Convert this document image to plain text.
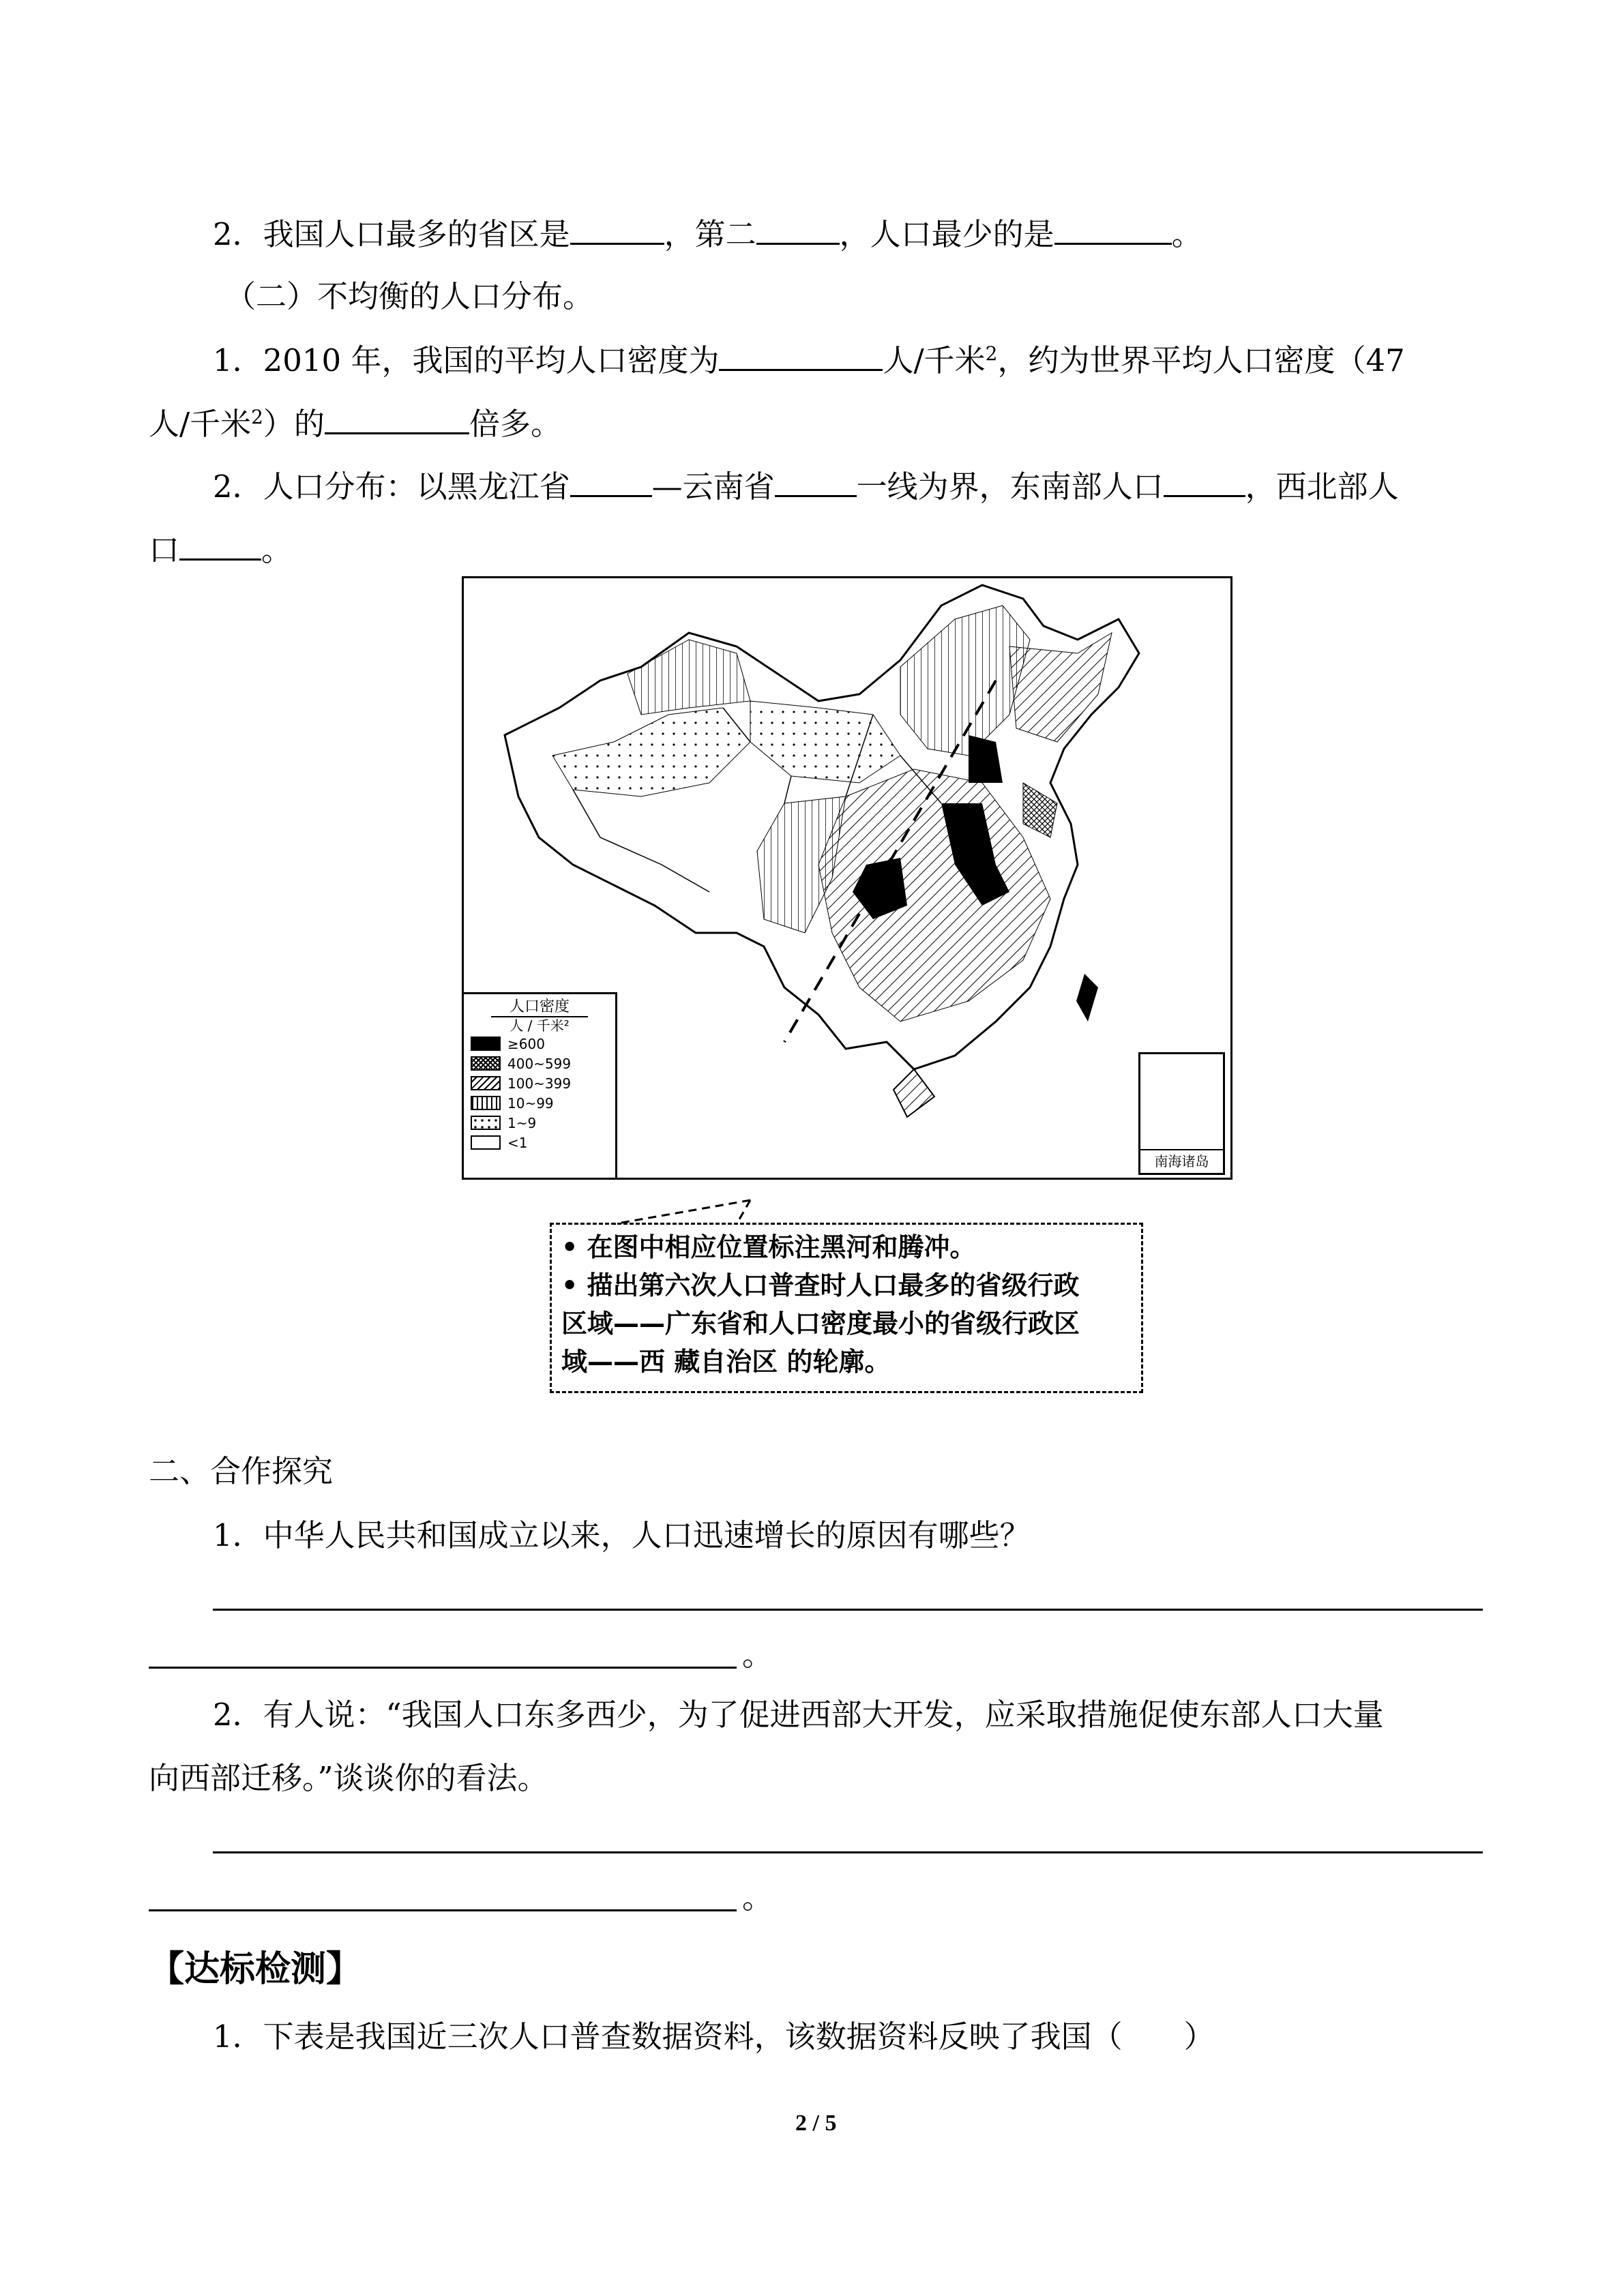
2．我国人口最多的省区是	，第二	，人口最少的是	。
（二）不均衡的人口分布。
1．2010 年，我国的平均人口密度为	人/千米$^2$，约为世界平均人口密度（47
人/千米$^2$）的	倍多。
2．人口分布：以黑龙江省	—云南省	一线为界，东南部人口	，西北部人
口	。
南海诸岛
人口密度
人 / 千米²
≥600
400~599
100~399
10~99
1~9
<1
• 在图中相应位置标注黑河和腾冲。
• 描出第六次人口普查时人口最多的省级行政
区域——广东省和人口密度最小的省级行政区
域——西 藏自治区 的轮廓。
二、合作探究
1．中华人民共和国成立以来，人口迅速增长的原因有哪些？
。
2．有人说：“我国人口东多西少，为了促进西部大开发，应采取措施促使东部人口大量
向西部迁移。”谈谈你的看法。
。
【达标检测】
1．下表是我国近三次人口普查数据资料，该数据资料反映了我国（　　）
2 / 5
